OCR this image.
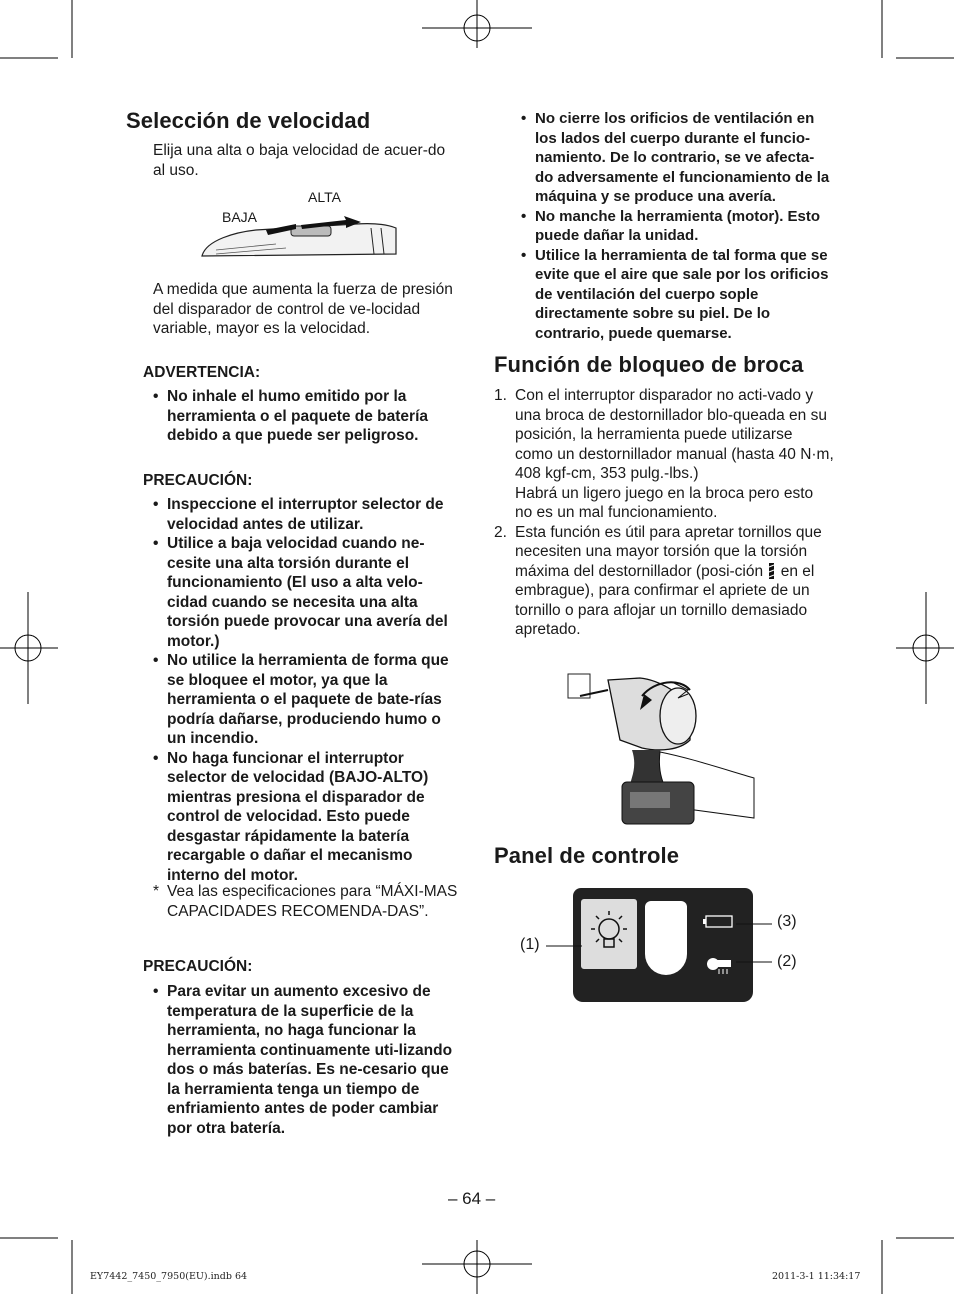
Selección de velocidad
Elija una alta o baja velocidad de acuer-do al uso.
ALTA
BAJA
A medida que aumenta la fuerza de presión del disparador de control de ve-locidad variable, mayor es la velocidad.
ADVERTENCIA:
• No inhale el humo emitido por la herramienta o el paquete de batería debido a que puede ser peligroso.
PRECAUCIÓN:
• Inspeccione el interruptor selector de velocidad antes de utilizar.
• Utilice a baja velocidad cuando ne-cesite una alta torsión durante el funcionamiento (El uso a alta velo-cidad cuando se necesita una alta torsión puede provocar una avería del motor.)
• No utilice la herramienta de forma que se bloquee el motor, ya que la herramienta o el paquete de bate-rías podría dañarse, produciendo humo o un incendio.
• No haga funcionar el interruptor selector de velocidad (BAJO-ALTO) mientras presiona el disparador de control de velocidad. Esto puede desgastar rápidamente la batería recargable o dañar el mecanismo interno del motor.
* Vea las especificaciones para “MÁXI-MAS CAPACIDADES RECOMENDA-DAS”.
PRECAUCIÓN:
• Para evitar un aumento excesivo de temperatura de la superficie de la herramienta, no haga funcionar la herramienta continuamente uti-lizando dos o más baterías. Es ne-cesario que la herramienta tenga un tiempo de enfriamiento antes de poder cambiar por otra batería.
• No cierre los orificios de ventilación en los lados del cuerpo durante el funcio-namiento. De lo contrario, se ve afecta-do adversamente el funcionamiento de la máquina y se produce una avería.
• No manche la herramienta (motor). Esto puede dañar la unidad.
• Utilice la herramienta de tal forma que se evite que el aire que sale por los orificios de ventilación del cuerpo sople directamente sobre su piel. De lo contrario, puede quemarse.
Función de bloqueo de broca
1. Con el interruptor disparador no acti-vado y una broca de destornillador blo-queada en su posición, la herramienta puede utilizarse como un destornillador manual (hasta 40 N·m, 408 kgf-cm, 353 pulg.-lbs.)
Habrá un ligero juego en la broca pero esto no es un mal funcionamiento.
2. Esta función es útil para apretar tornillos que necesiten una mayor torsión que la torsión máxima del destornillador (posi-ción en el embrague), para confirmar el apriete de un tornillo o para aflojar un tornillo demasiado apretado.
Panel de controle
(1)
(3)
(2)
– 64 –
EY7442_7450_7950(EU).indb 64	2011-3-1 11:34:17
